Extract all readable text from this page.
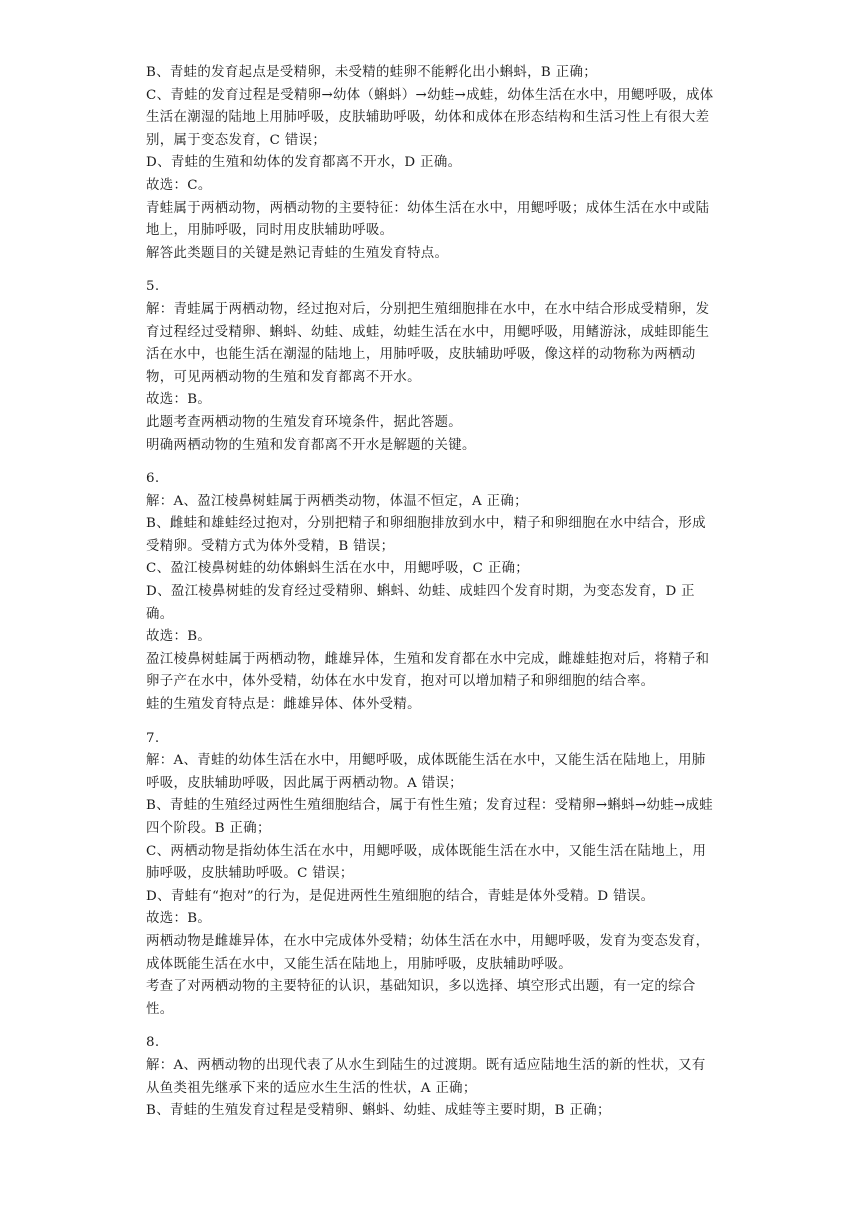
B、青蛙的发育起点是受精卵，未受精的蛙卵不能孵化出小蝌蚪，B 正确；

C、青蛙的发育过程是受精卵→幼体（蝌蚪）→幼蛙→成蛙，幼体生活在水中，用鳃呼吸，成体生活在潮湿的陆地上用肺呼吸，皮肤辅助呼吸，幼体和成体在形态结构和生活习性上有很大差别，属于变态发育，C 错误；

D、青蛙的生殖和幼体的发育都离不开水，D 正确。

故选：C。

青蛙属于两栖动物，两栖动物的主要特征：幼体生活在水中，用鳃呼吸；成体生活在水中或陆地上，用肺呼吸，同时用皮肤辅助呼吸。

解答此类题目的关键是熟记青蛙的生殖发育特点。

5.

解：青蛙属于两栖动物，经过抱对后，分别把生殖细胞排在水中，在水中结合形成受精卵，发育过程经过受精卵、蝌蚪、幼蛙、成蛙，幼蛙生活在水中，用鳃呼吸，用鳍游泳，成蛙即能生活在水中，也能生活在潮湿的陆地上，用肺呼吸，皮肤辅助呼吸，像这样的动物称为两栖动物，可见两栖动物的生殖和发育都离不开水。

故选：B。

此题考查两栖动物的生殖发育环境条件，据此答题。

明确两栖动物的生殖和发育都离不开水是解题的关键。

6.

解：A、盈江棱鼻树蛙属于两栖类动物，体温不恒定，A 正确；

B、雌蛙和雄蛙经过抱对，分别把精子和卵细胞排放到水中，精子和卵细胞在水中结合，形成受精卵。受精方式为体外受精，B 错误；

C、盈江棱鼻树蛙的幼体蝌蚪生活在水中，用鳃呼吸，C 正确；

D、盈江棱鼻树蛙的发育经过受精卵、蝌蚪、幼蛙、成蛙四个发育时期，为变态发育，D 正确。

故选：B。

盈江棱鼻树蛙属于两栖动物，雌雄异体，生殖和发育都在水中完成，雌雄蛙抱对后，将精子和卵子产在水中，体外受精，幼体在水中发育，抱对可以增加精子和卵细胞的结合率。

蛙的生殖发育特点是：雌雄异体、体外受精。

7.

解：A、青蛙的幼体生活在水中，用鳃呼吸，成体既能生活在水中，又能生活在陆地上，用肺呼吸，皮肤辅助呼吸，因此属于两栖动物。A 错误；

B、青蛙的生殖经过两性生殖细胞结合，属于有性生殖；发育过程：受精卵→蝌蚪→幼蛙→成蛙四个阶段。B 正确；

C、两栖动物是指幼体生活在水中，用鳃呼吸，成体既能生活在水中，又能生活在陆地上，用肺呼吸，皮肤辅助呼吸。C 错误；

D、青蛙有“抱对”的行为，是促进两性生殖细胞的结合，青蛙是体外受精。D 错误。

故选：B。

两栖动物是雌雄异体，在水中完成体外受精；幼体生活在水中，用鳃呼吸，发育为变态发育，成体既能生活在水中，又能生活在陆地上，用肺呼吸，皮肤辅助呼吸。

考查了对两栖动物的主要特征的认识，基础知识，多以选择、填空形式出题，有一定的综合性。

8.

解：A、两栖动物的出现代表了从水生到陆生的过渡期。既有适应陆地生活的新的性状，又有从鱼类祖先继承下来的适应水生生活的性状，A 正确；

B、青蛙的生殖发育过程是受精卵、蝌蚪、幼蛙、成蛙等主要时期，B 正确；
